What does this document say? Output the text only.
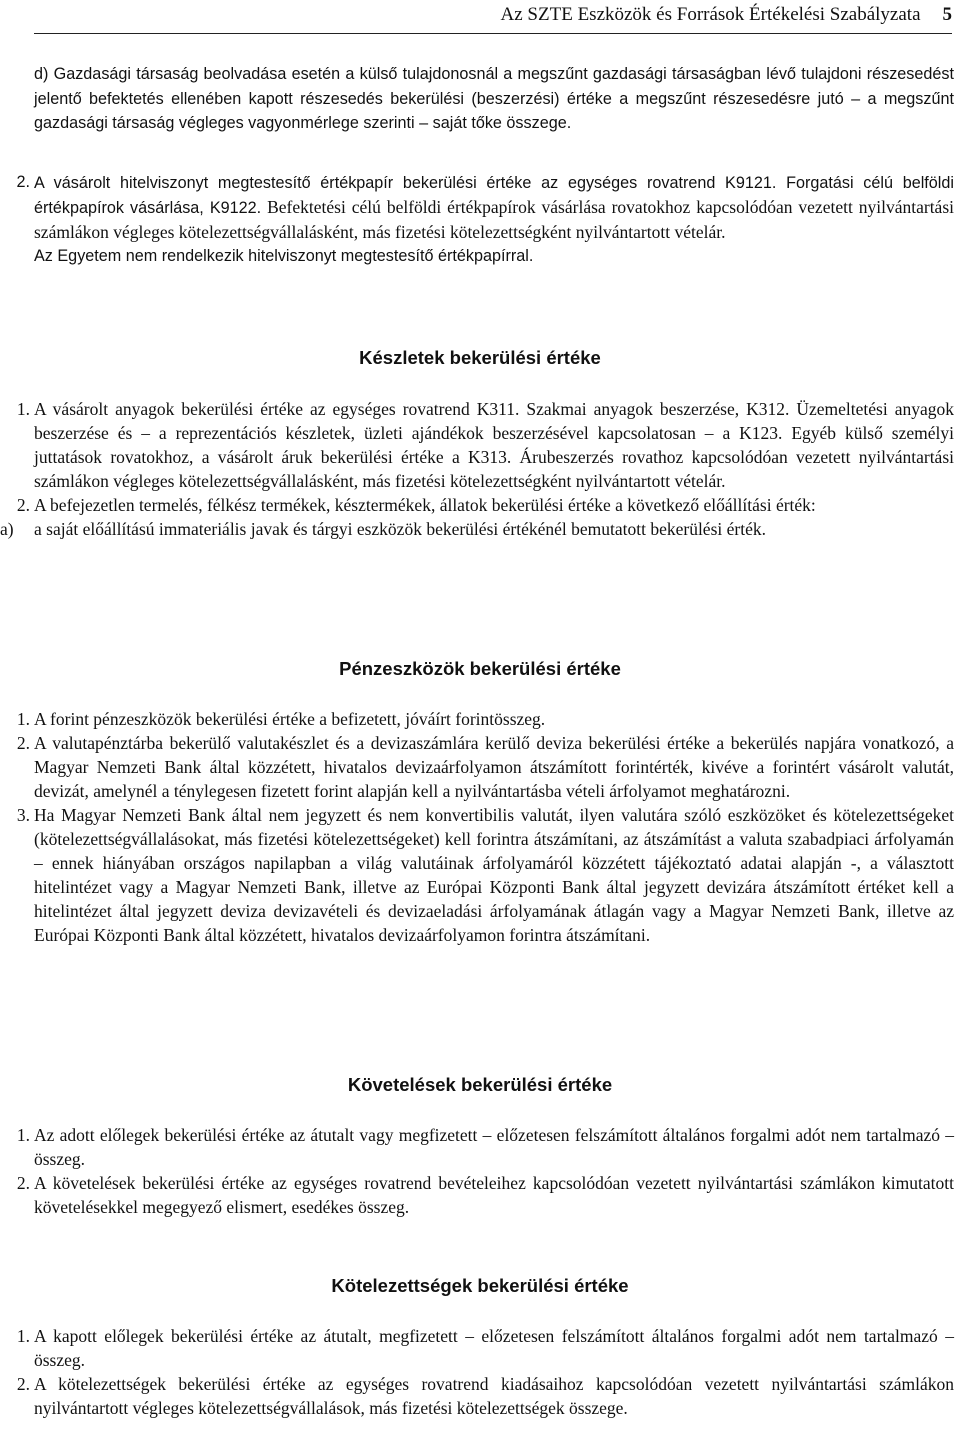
Az SZTE Eszközök és Források Értékelési Szabályzata 5

d) Gazdasági társaság beolvadása esetén a külső tulajdonosnál a megszűnt gazdasági társaságban lévő tulajdoni részesedést jelentő befektetés ellenében kapott részesedés bekerülési (beszerzési) értéke a megszűnt részesedésre jutó – a megszűnt gazdasági társaság végleges vagyonmérlege szerinti – saját tőke összege.

2. A vásárolt hitelviszonyt megtestesítő értékpapír bekerülési értéke az egységes rovatrend K9121. Forgatási célú belföldi értékpapírok vásárlása, K9122. Befektetési célú belföldi értékpapírok vásárlása rovatokhoz kapcsolódóan vezetett nyilvántartási számlákon végleges kötelezettségvállalásként, más fizetési kötelezettségként nyilvántartott vételár.

Az Egyetem nem rendelkezik hitelviszonyt megtestesítő értékpapírral.

Készletek bekerülési értéke
1. A vásárolt anyagok bekerülési értéke az egységes rovatrend K311. Szakmai anyagok beszerzése, K312. Üzemeltetési anyagok beszerzése és – a reprezentációs készletek, üzleti ajándékok beszerzésével kapcsolatosan – a K123. Egyéb külső személyi juttatások rovatokhoz, a vásárolt áruk bekerülési értéke a K313. Árubeszerzés rovathoz kapcsolódóan vezetett nyilvántartási számlákon végleges kötelezettségvállalásként, más fizetési kötelezettségként nyilvántartott vételár.

2. A befejezetlen termelés, félkész termékek, késztermékek, állatok bekerülési értéke a következő előállítási érték:

a) a saját előállítású immateriális javak és tárgyi eszközök bekerülési értékénél bemutatott bekerülési érték.

Pénzeszközök bekerülési értéke
1. A forint pénzeszközök bekerülési értéke a befizetett, jóváírt forintösszeg.

2. A valutapénztárba bekerülő valutakészlet és a devizaszámlára kerülő deviza bekerülési értéke a bekerülés napjára vonatkozó, a Magyar Nemzeti Bank által közzétett, hivatalos devizaárfolyamon átszámított forintérték, kivéve a forintért vásárolt valutát, devizát, amelynél a ténylegesen fizetett forint alapján kell a nyilvántartásba vételi árfolyamot meghatározni.

3. Ha Magyar Nemzeti Bank által nem jegyzett és nem konvertibilis valutát, ilyen valutára szóló eszközöket és kötelezettségeket (kötelezettségvállalásokat, más fizetési kötelezettségeket) kell forintra átszámítani, az átszámítást a valuta szabadpiaci árfolyamán – ennek hiányában országos napilapban a világ valutáinak árfolyamáról közzétett tájékoztató adatai alapján -, a választott hitelintézet vagy a Magyar Nemzeti Bank, illetve az Európai Központi Bank által jegyzett devizára átszámított értéket kell a hitelintézet által jegyzett deviza devizavételi és devizaeladási árfolyamának átlagán vagy a Magyar Nemzeti Bank, illetve az Európai Központi Bank által közzétett, hivatalos devizaárfolyamon forintra átszámítani.

Követelések bekerülési értéke
1. Az adott előlegek bekerülési értéke az átutalt vagy megfizetett – előzetesen felszámított általános forgalmi adót nem tartalmazó – összeg.

2. A követelések bekerülési értéke az egységes rovatrend bevételeihez kapcsolódóan vezetett nyilvántartási számlákon kimutatott követelésekkel megegyező elismert, esedékes összeg.

Kötelezettségek bekerülési értéke
1. A kapott előlegek bekerülési értéke az átutalt, megfizetett – előzetesen felszámított általános forgalmi adót nem tartalmazó – összeg.

2. A kötelezettségek bekerülési értéke az egységes rovatrend kiadásaihoz kapcsolódóan vezetett nyilvántartási számlákon nyilvántartott végleges kötelezettségvállalások, más fizetési kötelezettségek összege.
